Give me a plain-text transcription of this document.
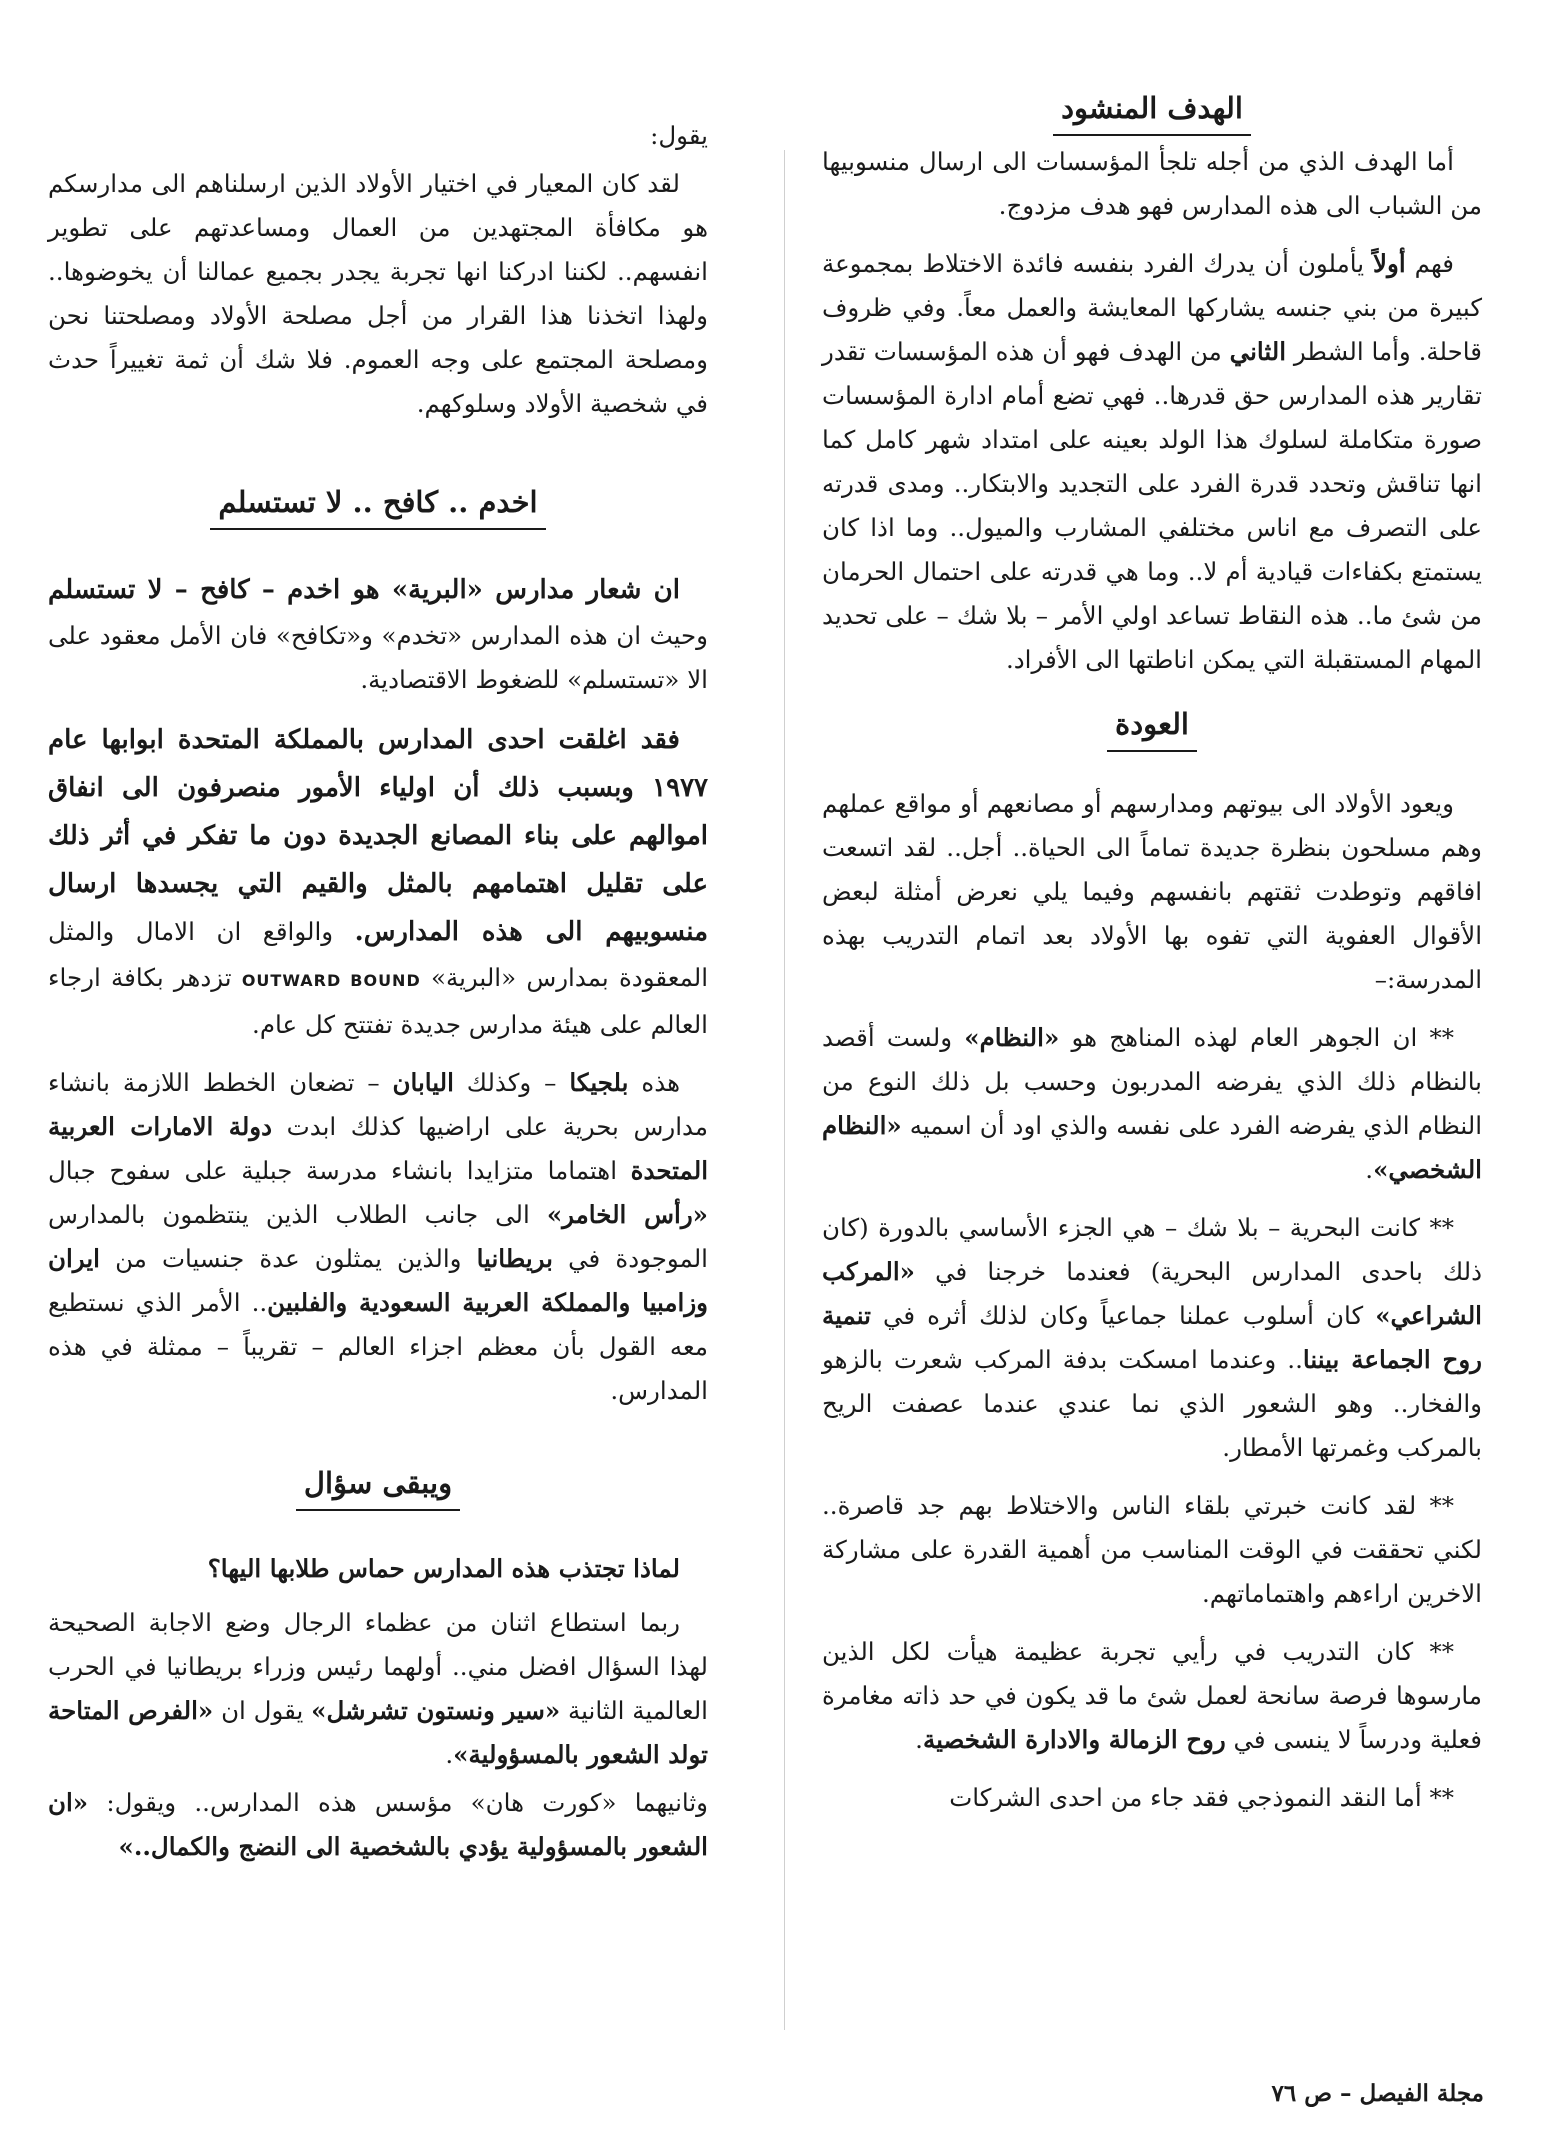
الهدف المنشود

أما الهدف الذي من أجله تلجأ المؤسسات الى ارسال منسوبيها من الشباب الى هذه المدارس فهو هدف مزدوج.

فهم أولاً يأملون أن يدرك الفرد بنفسه فائدة الاختلاط بمجموعة كبيرة من بني جنسه يشاركها المعايشة والعمل معاً. وفي ظروف قاحلة. وأما الشطر الثاني من الهدف فهو أن هذه المؤسسات تقدر تقارير هذه المدارس حق قدرها.. فهي تضع أمام ادارة المؤسسات صورة متكاملة لسلوك هذا الولد بعينه على امتداد شهر كامل كما انها تناقش وتحدد قدرة الفرد على التجديد والابتكار.. ومدى قدرته على التصرف مع اناس مختلفي المشارب والميول.. وما اذا كان يستمتع بكفاءات قيادية أم لا.. وما هي قدرته على احتمال الحرمان من شئ ما.. هذه النقاط تساعد اولي الأمر – بلا شك – على تحديد المهام المستقبلة التي يمكن اناطتها الى الأفراد.

العودة

ويعود الأولاد الى بيوتهم ومدارسهم أو مصانعهم أو مواقع عملهم وهم مسلحون بنظرة جديدة تماماً الى الحياة.. أجل.. لقد اتسعت افاقهم وتوطدت ثقتهم بانفسهم وفيما يلي نعرض أمثلة لبعض الأقوال العفوية التي تفوه بها الأولاد بعد اتمام التدريب بهذه المدرسة:–

** ان الجوهر العام لهذه المناهج هو «النظام» ولست أقصد بالنظام ذلك الذي يفرضه المدربون وحسب بل ذلك النوع من النظام الذي يفرضه الفرد على نفسه والذي اود أن اسميه «النظام الشخصي».

** كانت البحرية – بلا شك – هي الجزء الأساسي بالدورة (كان ذلك باحدى المدارس البحرية) فعندما خرجنا في «المركب الشراعي» كان أسلوب عملنا جماعياً وكان لذلك أثره في تنمية روح الجماعة بيننا.. وعندما امسكت بدفة المركب شعرت بالزهو والفخار.. وهو الشعور الذي نما عندي عندما عصفت الريح بالمركب وغمرتها الأمطار.

** لقد كانت خبرتي بلقاء الناس والاختلاط بهم جد قاصرة.. لكني تحققت في الوقت المناسب من أهمية القدرة على مشاركة الاخرين اراءهم واهتماماتهم.

** كان التدريب في رأيي تجربة عظيمة هيأت لكل الذين مارسوها فرصة سانحة لعمل شئ ما قد يكون في حد ذاته مغامرة فعلية ودرساً لا ينسى في روح الزمالة والادارة الشخصية.

** أما النقد النموذجي فقد جاء من احدى الشركات

يقول:

لقد كان المعيار في اختيار الأولاد الذين ارسلناهم الى مدارسكم هو مكافأة المجتهدين من العمال ومساعدتهم على تطوير انفسهم.. لكننا ادركنا انها تجربة يجدر بجميع عمالنا أن يخوضوها.. ولهذا اتخذنا هذا القرار من أجل مصلحة الأولاد ومصلحتنا نحن ومصلحة المجتمع على وجه العموم. فلا شك أن ثمة تغييراً حدث في شخصية الأولاد وسلوكهم.

اخدم .. كافح .. لا تستسلم

ان شعار مدارس «البرية» هو اخدم – كافح – لا تستسلم وحيث ان هذه المدارس «تخدم» و«تكافح» فان الأمل معقود على الا «تستسلم» للضغوط الاقتصادية.

فقد اغلقت احدى المدارس بالمملكة المتحدة ابوابها عام ١٩٧٧ وبسبب ذلك أن اولياء الأمور منصرفون الى انفاق اموالهم على بناء المصانع الجديدة دون ما تفكر في أثر ذلك على تقليل اهتمامهم بالمثل والقيم التي يجسدها ارسال منسوبيهم الى هذه المدارس. والواقع ان الامال والمثل المعقودة بمدارس «البرية» OUTWARD BOUND تزدهر بكافة ارجاء العالم على هيئة مدارس جديدة تفتتح كل عام.

هذه بلجيكا – وكذلك اليابان – تضعان الخطط اللازمة بانشاء مدارس بحرية على اراضيها كذلك ابدت دولة الامارات العربية المتحدة اهتماما متزايدا بانشاء مدرسة جبلية على سفوح جبال «رأس الخامر» الى جانب الطلاب الذين ينتظمون بالمدارس الموجودة في بريطانيا والذين يمثلون عدة جنسيات من ايران وزامبيا والمملكة العربية السعودية والفلبين.. الأمر الذي نستطيع معه القول بأن معظم اجزاء العالم – تقريباً – ممثلة في هذه المدارس.

ويبقى سؤال

لماذا تجتذب هذه المدارس حماس طلابها اليها؟

ربما استطاع اثنان من عظماء الرجال وضع الاجابة الصحيحة لهذا السؤال افضل مني.. أولهما رئيس وزراء بريطانيا في الحرب العالمية الثانية «سير ونستون تشرشل» يقول ان «الفرص المتاحة تولد الشعور بالمسؤولية».

وثانيهما «كورت هان» مؤسس هذه المدارس.. ويقول: «ان الشعور بالمسؤولية يؤدي بالشخصية الى النضج والكمال..»

مجلة الفيصل – ص ٧٦
